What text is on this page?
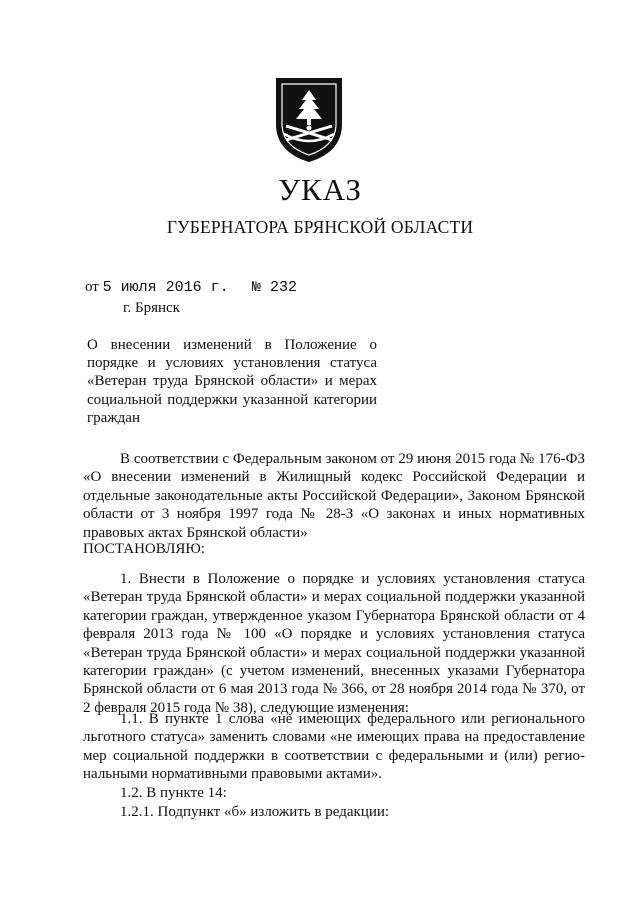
УКАЗ
ГУБЕРНАТОРА БРЯНСКОЙ ОБЛАСТИ
от 5 июля 2016 г. № 232
г. Брянск
О внесении изменений в Положение о порядке и условиях установления статуса «Ветеран труда Брянской области» и мерах социальной поддержки указанной категории граждан

В соответствии с Федеральным законом от 29 июня 2015 года № 176-ФЗ «О внесении изменений в Жилищный кодекс Российской Федерации и отдельные законодательные акты Российской Федерации», Законом Брянской области от 3 ноября 1997 года № 28-З «О законах и иных нормативных правовых актах Брянской области»

ПОСТАНОВЛЯЮ:

1. Внести в Положение о порядке и условиях установления статуса «Ветеран труда Брянской области» и мерах социальной поддержки указанной категории граждан, утвержденное указом Губернатора Брянской области от 4 февраля 2013 года № 100 «О порядке и условиях установления статуса «Ветеран труда Брянской области» и мерах социальной поддержки указанной категории граждан» (с учетом изменений, внесенных указами Губернатора Брянской области от 6 мая 2013 года № 366, от 28 ноября 2014 года № 370, от 2 февраля 2015 года № 38), следующие изменения:

1.1. В пункте 1 слова «не имеющих федерального или регионального льготного статуса» заменить словами «не имеющих права на предоставление мер социальной поддержки в соответствии с федеральными и (или) регио-нальными нормативными правовыми актами».

1.2. В пункте 14:

1.2.1. Подпункт «б» изложить в редакции:
